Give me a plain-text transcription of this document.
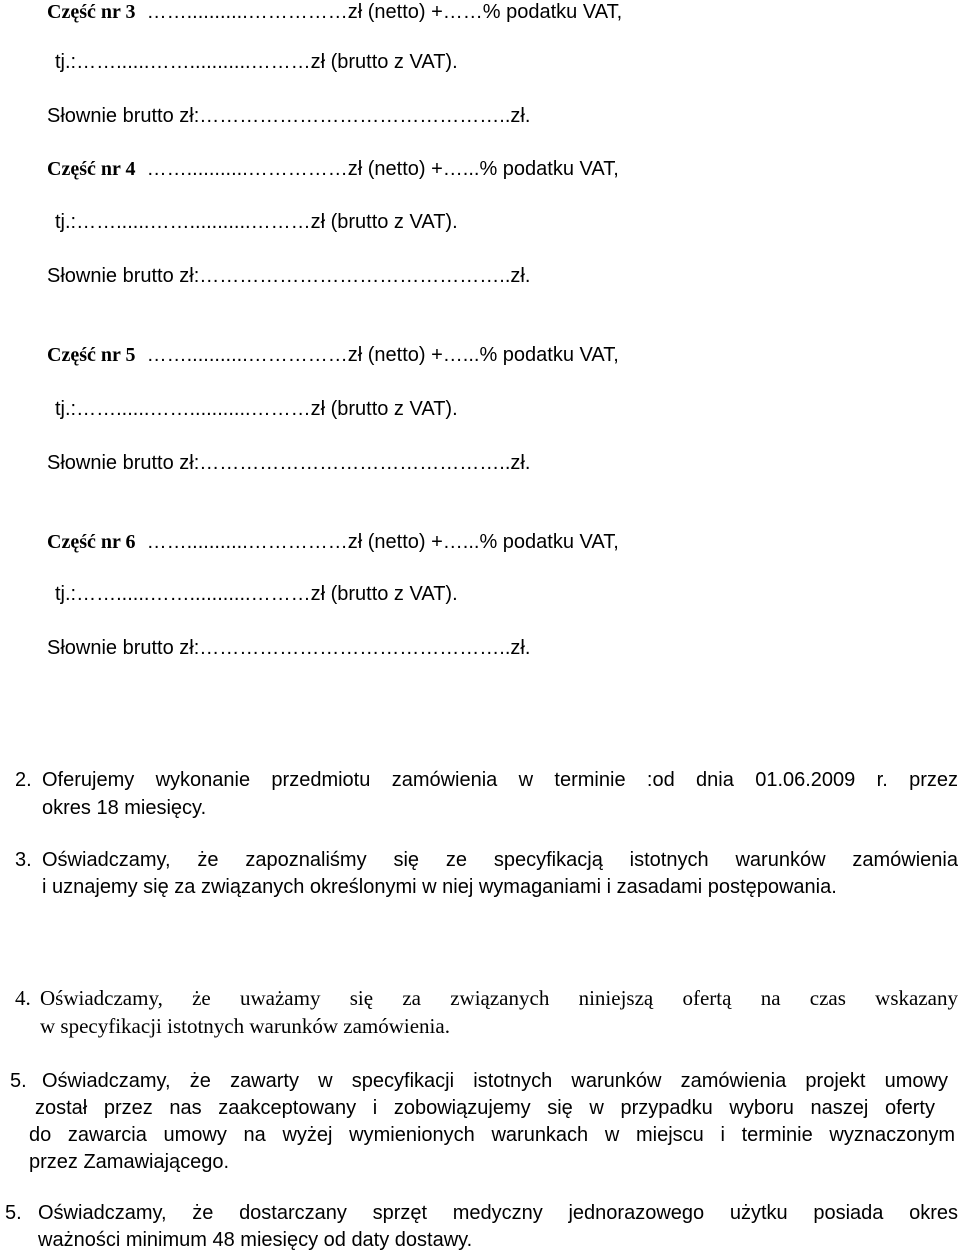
Część nr 3 ……...........……………zł (netto) +……% podatku VAT,
tj.:……......……...........………zł (brutto z VAT).
Słownie brutto zł:………………………………………..zł.
Część nr 4 ……...........……………zł (netto) +…...% podatku VAT,
tj.:……......……...........………zł (brutto z VAT).
Słownie brutto zł:………………………………………..zł.
Część nr 5 ……...........……………zł (netto) +…...% podatku VAT,
tj.:……......……...........………zł (brutto z VAT).
Słownie brutto zł:………………………………………..zł.
Część nr 6 ……...........……………zł (netto) +…...% podatku VAT,
tj.:……......……...........………zł (brutto z VAT).
Słownie brutto zł:………………………………………..zł.
2. Oferujemy wykonanie przedmiotu zamówienia w terminie :od dnia 01.06.2009 r. przez
okres 18 miesięcy.
3. Oświadczamy, że zapoznaliśmy się ze specyfikacją istotnych warunków zamówienia
i uznajemy się za związanych określonymi w niej wymaganiami i zasadami postępowania.
4. Oświadczamy, że uważamy się za związanych niniejszą ofertą na czas wskazany
w specyfikacji istotnych warunków zamówienia.
5. Oświadczamy, że zawarty w specyfikacji istotnych warunków zamówienia projekt umowy
został przez nas zaakceptowany i zobowiązujemy się w przypadku wyboru naszej oferty
do zawarcia umowy na wyżej wymienionych warunkach w miejscu i terminie wyznaczonym
przez Zamawiającego.
5. Oświadczamy, że dostarczany sprzęt medyczny jednorazowego użytku posiada okres
ważności minimum 48 miesięcy od daty dostawy.
